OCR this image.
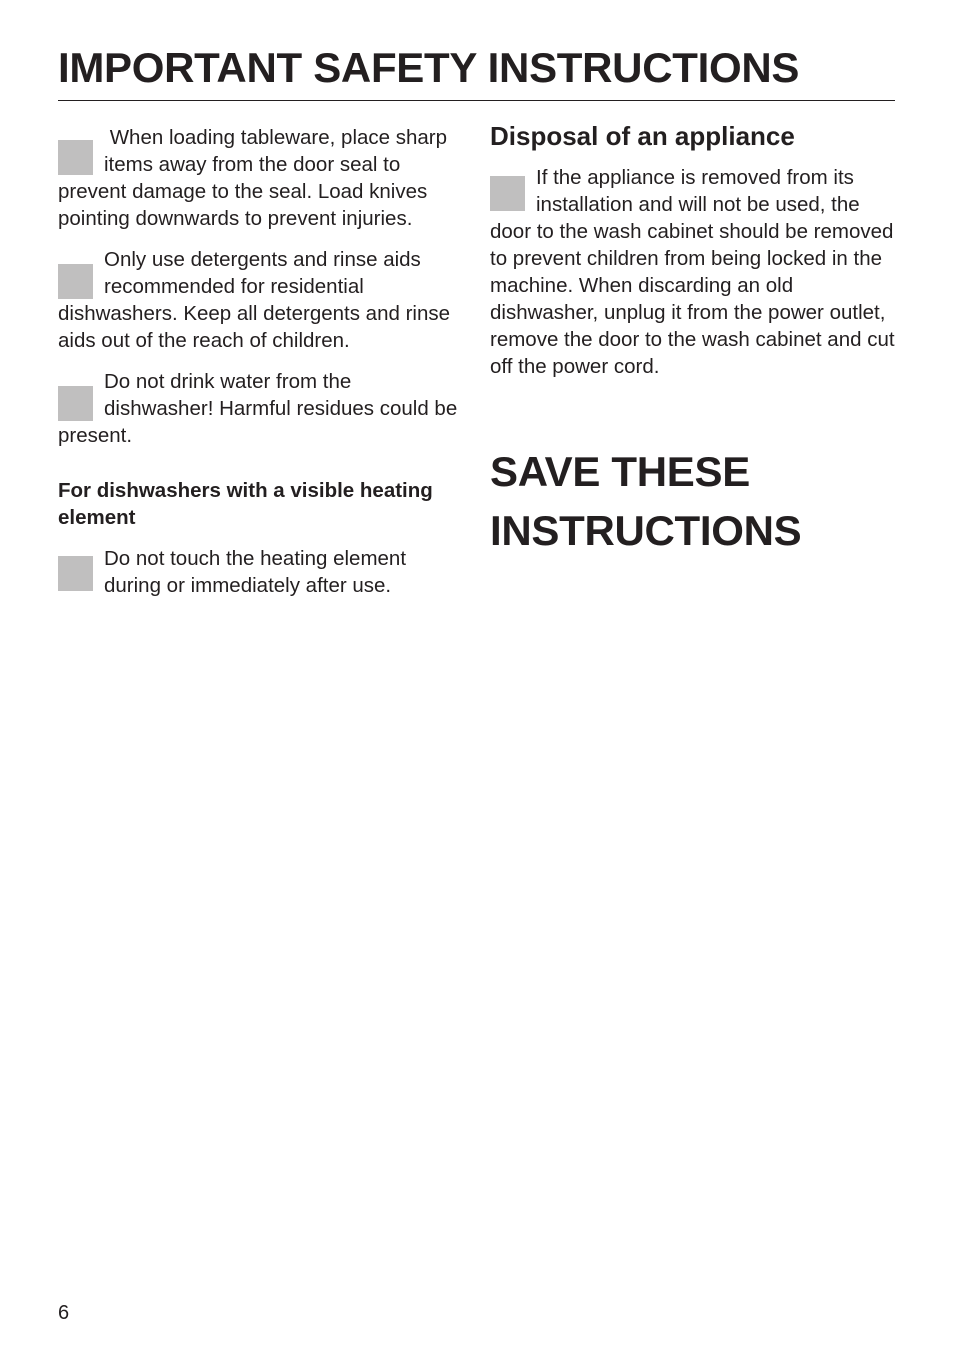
IMPORTANT SAFETY INSTRUCTIONS

When loading tableware, place sharp items away from the door seal to prevent damage to the seal. Load knives pointing downwards to prevent injuries.

Only use detergents and rinse aids recommended for residential dishwashers. Keep all detergents and rinse aids out of the reach of children.

Do not drink water from the dishwasher! Harmful residues could be present.

For dishwashers with a visible heating element

Do not touch the heating element during or immediately after use.

Disposal of an appliance

If the appliance is removed from its installation and will not be used, the door to the wash cabinet should be removed to prevent children from being locked in the machine. When discarding an old dishwasher, unplug it from the power outlet, remove the door to the wash cabinet and cut off the power cord.

SAVE THESE INSTRUCTIONS
6
